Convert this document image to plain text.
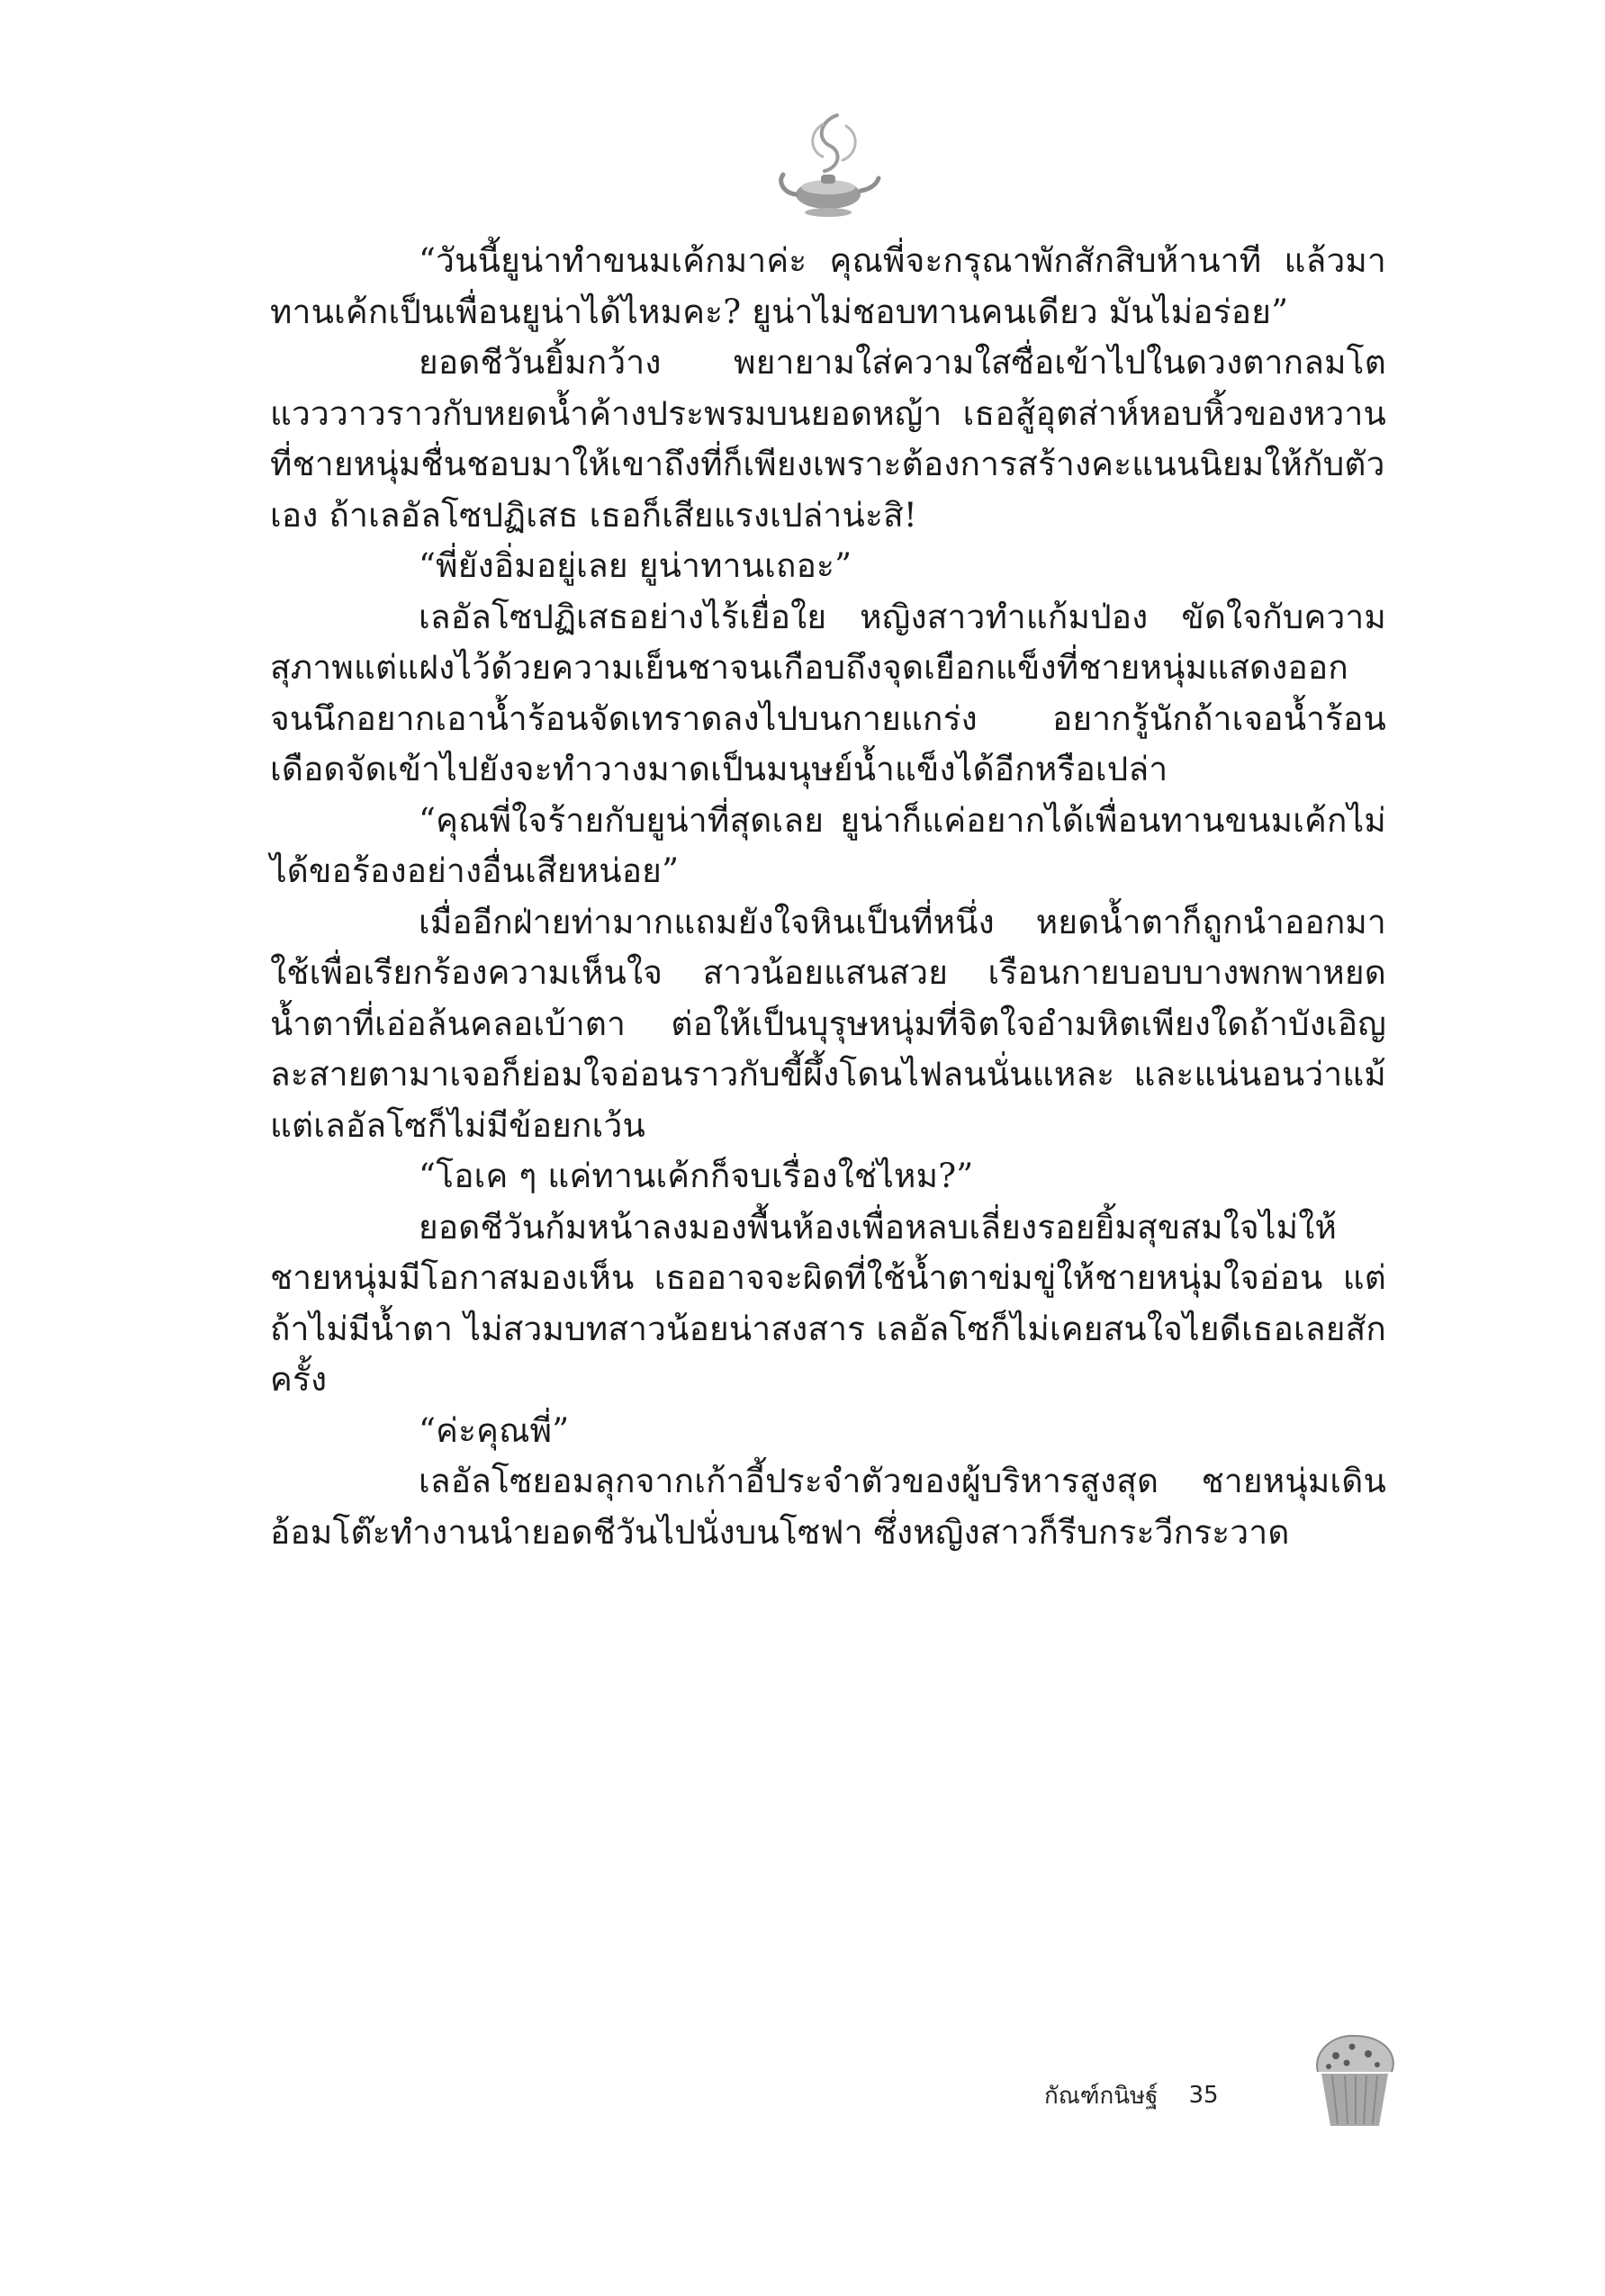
“วันนี้ยูน่าทำขนมเค้กมาค่ะ คุณพี่จะกรุณาพักสักสิบห้านาที แล้วมาทานเค้กเป็นเพื่อนยูน่าได้ไหมคะ? ยูน่าไม่ชอบทานคนเดียว มันไม่อร่อย”

ยอดชีวันยิ้มกว้าง พยายามใส่ความใสซื่อเข้าไปในดวงตากลมโต แวววาวราวกับหยดน้ำค้างประพรมบนยอดหญ้า เธอสู้อุตส่าห์หอบหิ้วของหวานที่ชายหนุ่มชื่นชอบมาให้เขาถึงที่ก็เพียงเพราะต้องการสร้างคะแนนนิยมให้กับตัวเอง ถ้าเลอัลโซปฏิเสธ เธอก็เสียแรงเปล่าน่ะสิ!

“พี่ยังอิ่มอยู่เลย ยูน่าทานเถอะ”

เลอัลโซปฏิเสธอย่างไร้เยื่อใย หญิงสาวทำแก้มป่อง ขัดใจกับความสุภาพแต่แฝงไว้ด้วยความเย็นชาจนเกือบถึงจุดเยือกแข็งที่ชายหนุ่มแสดงออกจนนึกอยากเอาน้ำร้อนจัดเทราดลงไปบนกายแกร่ง อยากรู้นักถ้าเจอน้ำร้อนเดือดจัดเข้าไปยังจะทำวางมาดเป็นมนุษย์น้ำแข็งได้อีกหรือเปล่า

“คุณพี่ใจร้ายกับยูน่าที่สุดเลย ยูน่าก็แค่อยากได้เพื่อนทานขนมเค้กไม่ได้ขอร้องอย่างอื่นเสียหน่อย”

เมื่ออีกฝ่ายท่ามากแถมยังใจหินเป็นที่หนึ่ง หยดน้ำตาก็ถูกนำออกมาใช้เพื่อเรียกร้องความเห็นใจ สาวน้อยแสนสวย เรือนกายบอบบางพกพาหยดน้ำตาที่เอ่อล้นคลอเบ้าตา ต่อให้เป็นบุรุษหนุ่มที่จิตใจอำมหิตเพียงใดถ้าบังเอิญละสายตามาเจอก็ย่อมใจอ่อนราวกับขี้ผึ้งโดนไฟลนนั่นแหละ และแน่นอนว่าแม้แต่เลอัลโซก็ไม่มีข้อยกเว้น

“โอเค ๆ แค่ทานเค้กก็จบเรื่องใช่ไหม?”

ยอดชีวันก้มหน้าลงมองพื้นห้องเพื่อหลบเลี่ยงรอยยิ้มสุขสมใจไม่ให้ชายหนุ่มมีโอกาสมองเห็น เธออาจจะผิดที่ใช้น้ำตาข่มขู่ให้ชายหนุ่มใจอ่อน แต่ถ้าไม่มีน้ำตา ไม่สวมบทสาวน้อยน่าสงสาร เลอัลโซก็ไม่เคยสนใจไยดีเธอเลยสักครั้ง

“ค่ะคุณพี่”

เลอัลโซยอมลุกจากเก้าอี้ประจำตัวของผู้บริหารสูงสุด ชายหนุ่มเดินอ้อมโต๊ะทำงานนำยอดชีวันไปนั่งบนโซฟา ซึ่งหญิงสาวก็รีบกระวีกระวาด

กัณฑ์กนิษฐ์ 35
